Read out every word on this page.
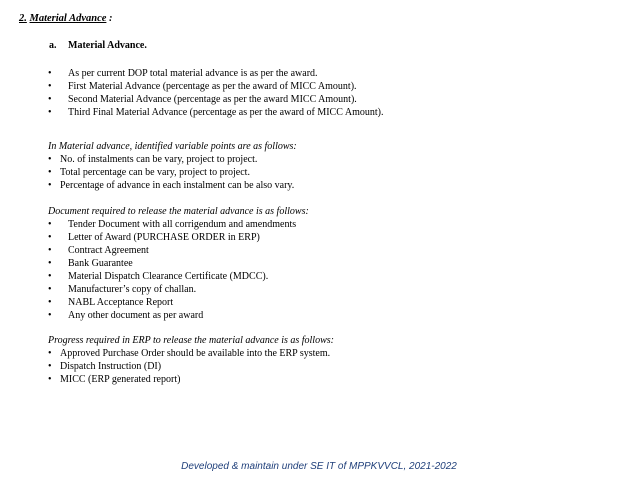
2. Material Advance :
a. Material Advance.
•	As per current DOP total material advance is as per the award.
•	First Material Advance (percentage as per the award of MICC Amount).
•	Second Material Advance (percentage as per the award MICC Amount).
•	Third Final Material Advance (percentage as per the award of MICC Amount).
In Material advance, identified variable points are as follows:
• No. of instalments can be vary, project to project.
• Total percentage can be vary, project to project.
• Percentage of advance in each instalment can be also vary.
Document required to release the material advance is as follows:
•	Tender Document with all corrigendum and amendments
•	Letter of Award (PURCHASE ORDER in ERP)
•	Contract Agreement
•	Bank Guarantee
•	Material Dispatch Clearance Certificate (MDCC).
•	Manufacturer’s copy of challan.
•	NABL Acceptance Report
•	Any other document as per award
Progress required in ERP to release the material advance is as follows:
• Approved Purchase Order should be available into the ERP system.
• Dispatch Instruction (DI)
• MICC (ERP generated report)
Developed & maintain under SE IT of MPPKVVCL, 2021-2022
